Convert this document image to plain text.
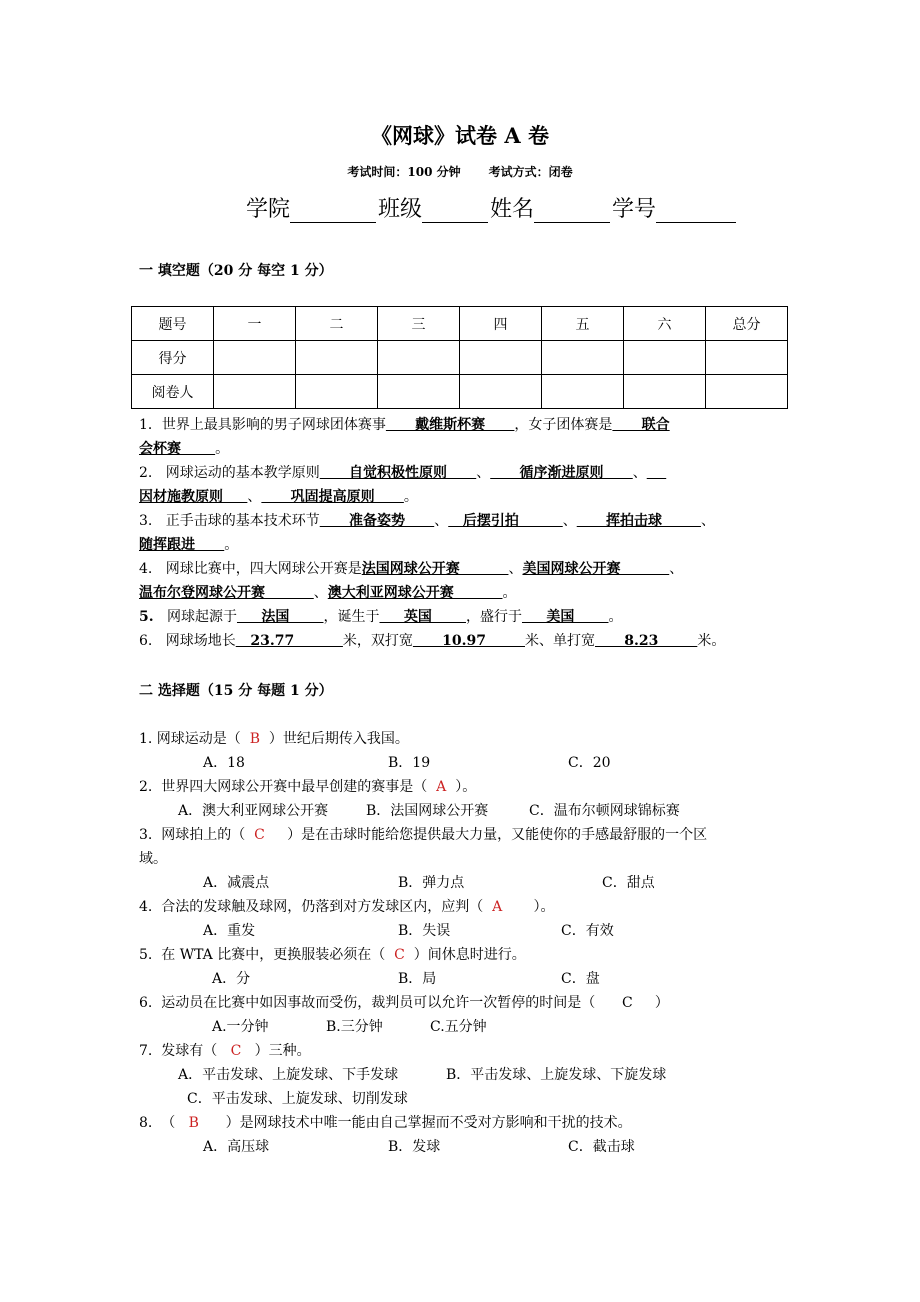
《网球》试卷 A 卷
考试时间：100 分钟 考试方式：闭卷
学院	班级	姓名	学号
一 填空题（20 分 每空 1 分）
题号	一	二	三	四	五	六	总分
得分							
阅卷人							
1．世界上最具影响的男子网球团体赛事      戴维斯杯赛      ，女子团体赛是      联合
会杯赛       。
2.   网球运动的基本教学原则      自觉积极性原则      、      循序渐进原则      、
因材施教原则     、      巩固提高原则      。
3.   正手击球的基本技术环节      准备姿势      、   后摆引拍         、      挥拍击球        、
随挥跟进      。
4.   网球比赛中，四大网球公开赛是法国网球公开赛          、美国网球公开赛          、
温布尔登网球公开赛          、澳大利亚网球公开赛          。
5.   网球起源于     法国       ，诞生于     英国       ，盛行于     美国       。
6.   网球场地长   23.77          米，双打宽      10.97        米、单打宽      8.23        米。
二 选择题（15 分 每题 1 分）
1. 网球运动是（  B  ）世纪后期传入我国。
A．18	B．19	C．20
2.  世界四大网球公开赛中最早创建的赛事是（  A  ）。
A．澳大利亚网球公开赛	B．法国网球公开赛	C．温布尔顿网球锦标赛
3.  网球拍上的（  C     ）是在击球时能给您提供最大力量，又能使你的手感最舒服的一个区
域。
A．减震点	B．弹力点	C．甜点
4.  合法的发球触及球网，仍落到对方发球区内，应判（  A       ）。
A．重发	B．失误	C．有效
5.  在 WTA 比赛中，更换服装必须在（  C  ）间休息时进行。
A．分	B．局	C．盘
6.  运动员在比赛中如因事故而受伤，裁判员可以允许一次暂停的时间是（      C     ）
A.一分钟	B.三分钟	C.五分钟
7.  发球有（   C   ）三种。
A．平击发球、上旋发球、下手发球	B．平击发球、上旋发球、下旋发球
C．平击发球、上旋发球、切削发球
8.  （   B      ）是网球技术中唯一能由自己掌握而不受对方影响和干扰的技术。
A．高压球	B．发球	C．截击球
